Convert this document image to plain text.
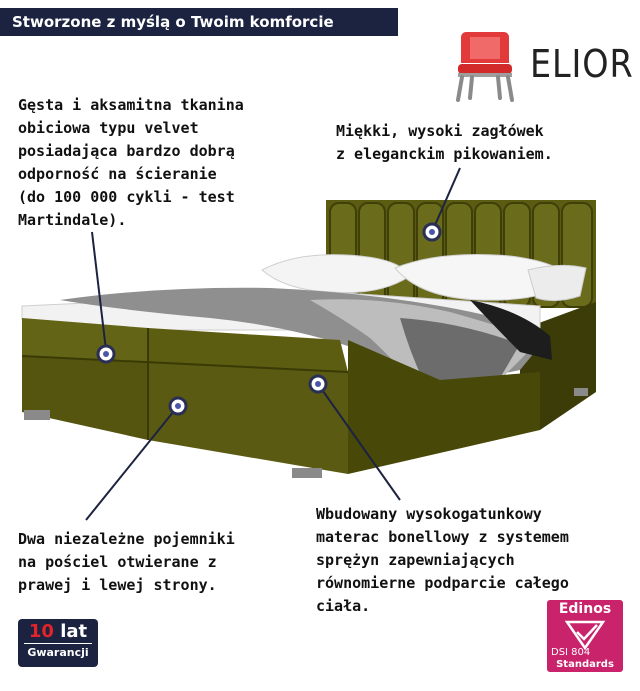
Stworzone z myślą o Twoim komforcie
ELIOR
Gęsta i aksamitna tkanina
obiciowa typu velvet
posiadająca bardzo dobrą
odporność na ścieranie
(do 100 000 cykli - test
Martindale).
Miękki, wysoki zagłówek
z eleganckim pikowaniem.
Dwa niezależne pojemniki
na pościel otwierane z
prawej i lewej strony.
Wbudowany wysokogatunkowy
materac bonellowy z systemem
sprężyn zapewniających
równomierne podparcie całego
ciała.
10 lat
Gwarancji
Edinos
DSI 804
Standards
